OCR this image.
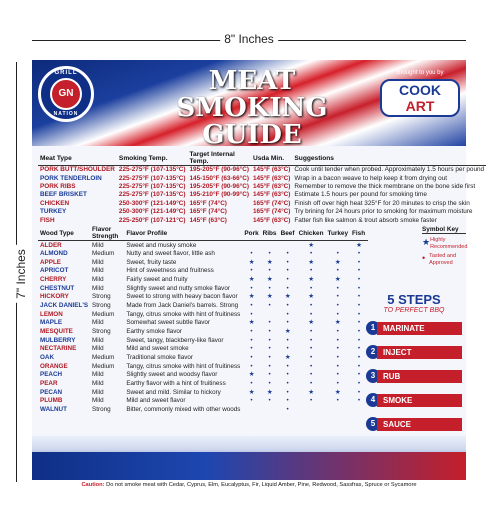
8" Inches
7" Inches
GRILL
GN
NATION
MEAT
SMOKING
GUIDE
Brought to you by
COOK ART
Meat Type	Smoking Temp.	Target Internal Temp.	Usda Min.	Suggestions
PORK BUTT/SHOULDER	225-275°F (107-135°C)	195-205°F (90-96°C)	145°F (63°C)	Cook until tender when probed. Approximately 1.5 hours per pound
PORK TENDERLOIN	225-275°F (107-135°C)	145-150°F (63-66°C)	145°F (63°C)	Wrap in a bacon weave to help keep it from drying out
PORK RIBS	225-275°F (107-135°C)	195-205°F (90-96°C)	145°F (63°C)	Remember to remove the thick membrane on the bone side first
BEEF BRISKET	225-275°F (107-135°C)	195-210°F (90-99°C)	145°F (63°C)	Estimate 1.5 hours per pound for smoking time
CHICKEN	250-300°F (121-149°C)	165°F (74°C)	165°F (74°C)	Finish off over high heat 325°F for 20 minutes to crisp the skin
TURKEY	250-300°F (121-149°C)	165°F (74°C)	165°F (74°C)	Try brining for 24 hours prior to smoking for maximum moisture
FISH	225-250°F (107-121°C)	145°F (63°C)	145°F (63°C)	Fatter fish like salmon & trout absorb smoke faster
Wood Type	Flavor Strength	Flavor Profile	Pork	Ribs	Beef	Chicken	Turkey	Fish
ALDER	Mild	Sweet and musky smoke				★		★
ALMOND	Medium	Nutty and sweet flavor, little ash	•	•	•	•	•	•
APPLE	Mild	Sweet, fruity taste	★	★	•	★	★	•
APRICOT	Mild	Hint of sweetness and fruitness	•	•	•	•	•	•
CHERRY	Mild	Fairly sweet and fruity	★	★	•	★	★	•
CHESTNUT	Mild	Slightly sweet and nutty smoke flavor	•	•	•	•	•	•
HICKORY	Strong	Sweet to strong with heavy bacon flavor	★	★	★	★	•	•
JACK DANIEL'S	Strong	Made from Jack Daniel's barrels. Strong	•	•	•	•	•	•
LEMON	Medium	Tangy, citrus smoke with hint of fruitiness	•		•	•	•	•
MAPLE	Mild	Somewhat sweet subtle flavor	★	•	•	★	★	•
MESQUITE	Strong	Earthy smoke flavor	•	•	★	•	•	•
MULBERRY	Mild	Sweet, tangy, blackberry-like flavor	•	•	•	•	•	•
NECTARINE	Mild	Mild and sweet smoke	•	•	•	•	•	•
OAK	Medium	Traditional smoke flavor	•	•	★	•	•	•
ORANGE	Medium	Tangy, citrus smoke with hint of fruitiness	•	•	•	•	•	•
PEACH	Mild	Slightly sweet and woodsy flavor	★	•	•	•	•	•
PEAR	Mild	Earthy flavor with a hint of fruitiness	•	•	•	•	•	•
PECAN	Mild	Sweet and mild. Similar to hickory	★	★	•	★	★	•
PLUMB	Mild	Mild and sweet flavor	•	•	•	•	•	•
WALNUT	Strong	Bitter, commonly mixed with other woods			•			
Symbol Key
★ Highly Recommended
• Tasted and Approved
5 STEPS
TO PERFECT BBQ
1 MARINATE
2 INJECT
3 RUB
4 SMOKE
5 SAUCE
Caution: Do not smoke meat with Cedar, Cyprus, Elm, Eucalyptus, Fir, Liquid Amber, Pine, Redwood, Sassfras, Spruce or Sycamore
Receive exclusive discounts on your favorite grilling products at WWW.COOKARTLOVE.COM
Copyright © Cookart 2018
Made with Pride in the USA
